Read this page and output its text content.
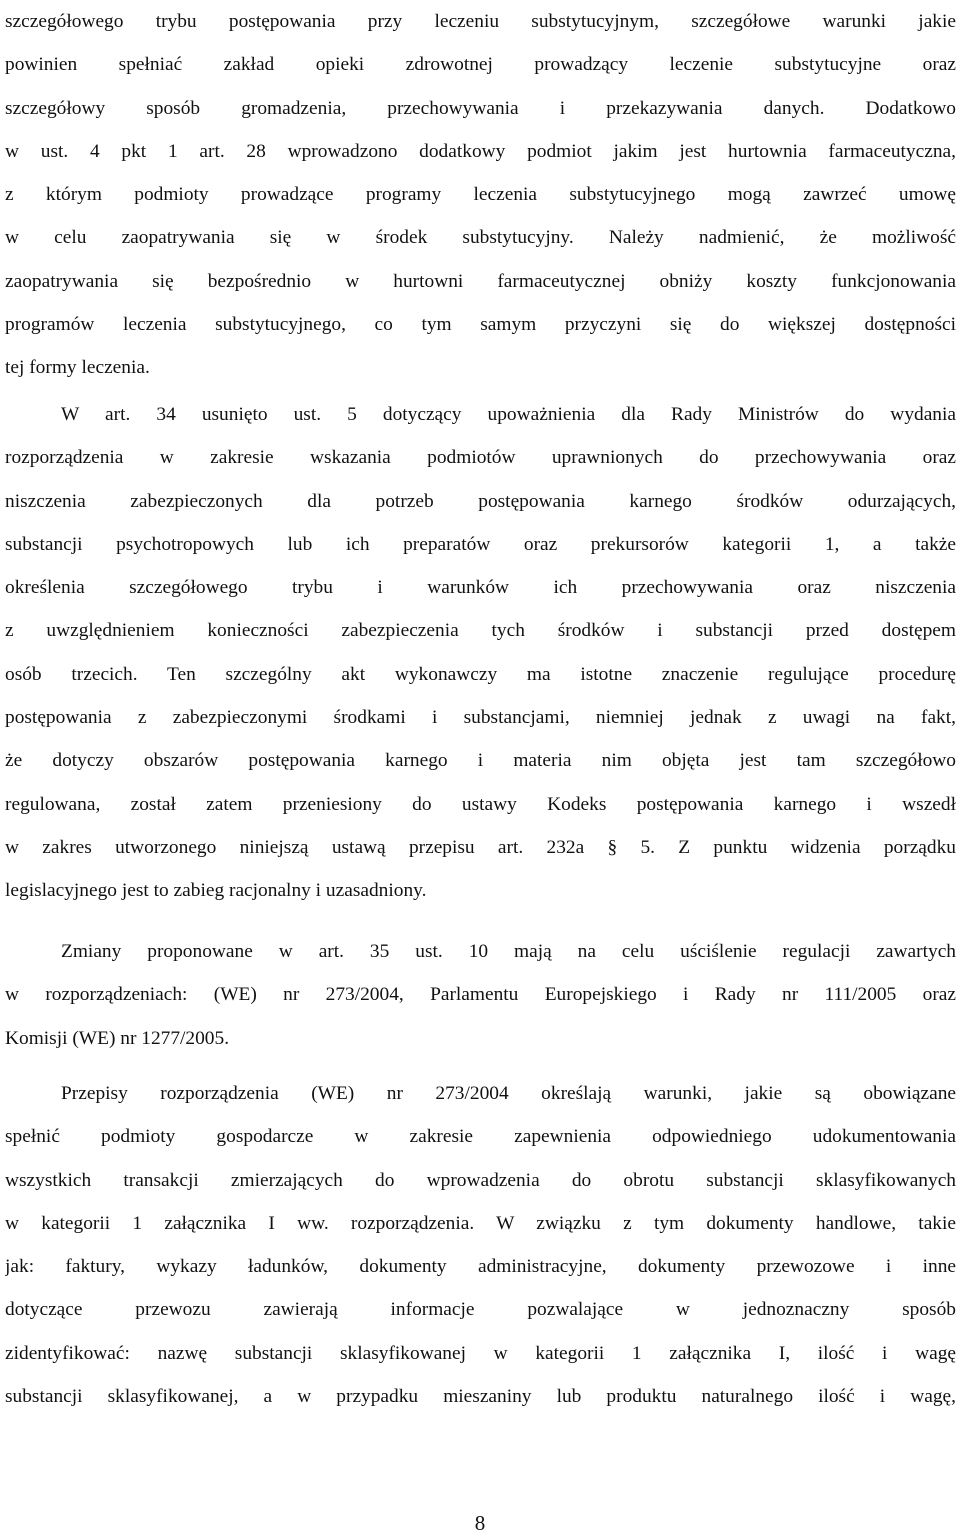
szczegółowego trybu postępowania przy leczeniu substytucyjnym, szczegółowe warunki jakie
powinien spełniać zakład opieki zdrowotnej prowadzący leczenie substytucyjne oraz
szczegółowy sposób gromadzenia, przechowywania i przekazywania danych. Dodatkowo
w ust. 4 pkt 1 art. 28 wprowadzono dodatkowy podmiot jakim jest hurtownia farmaceutyczna,
z którym podmioty prowadzące programy leczenia substytucyjnego mogą zawrzeć umowę
w celu zaopatrywania się w środek substytucyjny. Należy nadmienić, że możliwość
zaopatrywania się bezpośrednio w hurtowni farmaceutycznej obniży koszty funkcjonowania
programów leczenia substytucyjnego, co tym samym przyczyni się do większej dostępności
tej formy leczenia.
W art. 34 usunięto ust. 5 dotyczący upoważnienia dla Rady Ministrów do wydania
rozporządzenia w zakresie wskazania podmiotów uprawnionych do przechowywania oraz
niszczenia zabezpieczonych dla potrzeb postępowania karnego środków odurzających,
substancji psychotropowych lub ich preparatów oraz prekursorów kategorii 1, a także
określenia szczegółowego trybu i warunków ich przechowywania oraz niszczenia
z uwzględnieniem konieczności zabezpieczenia tych środków i substancji przed dostępem
osób trzecich. Ten szczególny akt wykonawczy ma istotne znaczenie regulujące procedurę
postępowania z zabezpieczonymi środkami i substancjami, niemniej jednak z uwagi na fakt,
że dotyczy obszarów postępowania karnego i materia nim objęta jest tam szczegółowo
regulowana, został zatem przeniesiony do ustawy Kodeks postępowania karnego i wszedł
w zakres utworzonego niniejszą ustawą przepisu art. 232a § 5. Z punktu widzenia porządku
legislacyjnego jest to zabieg racjonalny i uzasadniony.
Zmiany proponowane w art. 35 ust. 10 mają na celu uściślenie regulacji zawartych
w rozporządzeniach: (WE) nr 273/2004, Parlamentu Europejskiego i Rady nr 111/2005 oraz
Komisji (WE) nr 1277/2005.
Przepisy rozporządzenia (WE) nr 273/2004 określają warunki, jakie są obowiązane
spełnić podmioty gospodarcze w zakresie zapewnienia odpowiedniego udokumentowania
wszystkich transakcji zmierzających do wprowadzenia do obrotu substancji sklasyfikowanych
w kategorii 1 załącznika I ww. rozporządzenia. W związku z tym dokumenty handlowe, takie
jak: faktury, wykazy ładunków, dokumenty administracyjne, dokumenty przewozowe i inne
dotyczące przewozu zawierają informacje pozwalające w jednoznaczny sposób
zidentyfikować: nazwę substancji sklasyfikowanej w kategorii 1 załącznika I, ilość i wagę
substancji sklasyfikowanej, a w przypadku mieszaniny lub produktu naturalnego ilość i wagę,
8
